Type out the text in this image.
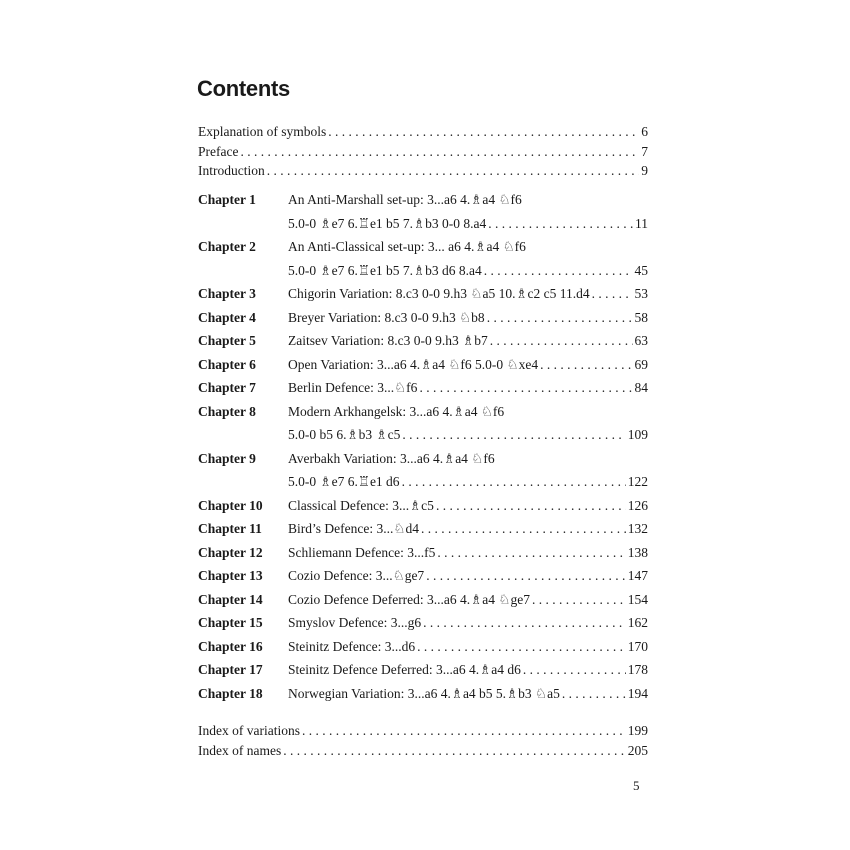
Contents
Explanation of symbols . . .	6
Preface . . .	7
Introduction . . .	9
Chapter 1	An Anti-Marshall set-up: 3...a6 4.♗a4 ♘f6
5.0-0 ♗e7 6.♖e1 b5 7.♗b3 0-0 8.a4 . . .	11
Chapter 2	An Anti-Classical set-up: 3... a6 4.♗a4 ♘f6
5.0-0 ♗e7 6.♖e1 b5 7.♗b3 d6 8.a4 . . .	45
Chapter 3	Chigorin Variation: 8.c3 0-0 9.h3 ♘a5 10.♗c2 c5 11.d4 . . .	53
Chapter 4	Breyer Variation: 8.c3 0-0 9.h3 ♘b8 . . .	58
Chapter 5	Zaitsev Variation: 8.c3 0-0 9.h3 ♗b7 . . .	63
Chapter 6	Open Variation: 3...a6 4.♗a4 ♘f6 5.0-0 ♘xe4 . . .	69
Chapter 7	Berlin Defence: 3...♘f6 . . .	84
Chapter 8	Modern Arkhangelsk: 3...a6 4.♗a4 ♘f6
5.0-0 b5 6.♗b3 ♗c5 . . .	109
Chapter 9	Averbakh Variation: 3...a6 4.♗a4 ♘f6
5.0-0 ♗e7 6.♖e1 d6 . . .	122
Chapter 10	Classical Defence: 3...♗c5 . . .	126
Chapter 11	Bird’s Defence: 3...♘d4 . . .	132
Chapter 12	Schliemann Defence: 3...f5 . . .	138
Chapter 13	Cozio Defence: 3...♘ge7 . . .	147
Chapter 14	Cozio Defence Deferred: 3...a6 4.♗a4 ♘ge7 . . .	154
Chapter 15	Smyslov Defence: 3...g6 . . .	162
Chapter 16	Steinitz Defence: 3...d6 . . .	170
Chapter 17	Steinitz Defence Deferred: 3...a6 4.♗a4 d6 . . .	178
Chapter 18	Norwegian Variation: 3...a6 4.♗a4 b5 5.♗b3 ♘a5 . . .	194
Index of variations . . .	199
Index of names . . .	205
5
